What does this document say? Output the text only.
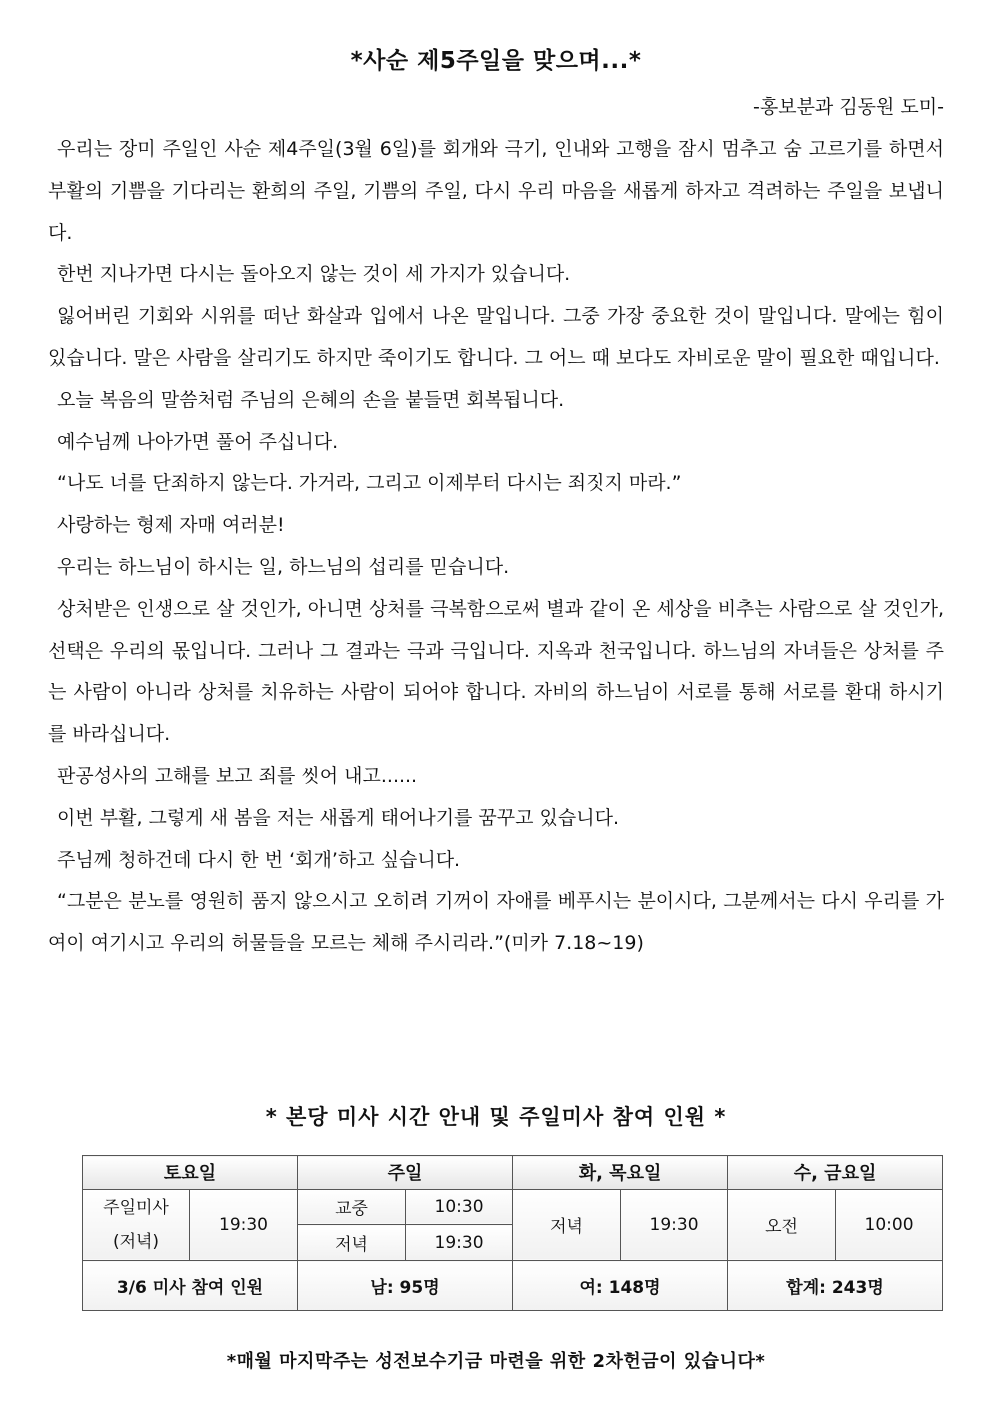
*사순 제5주일을 맞으며...*
-홍보분과 김동원 도미-

우리는 장미 주일인 사순 제4주일(3월 6일)를 회개와 극기, 인내와 고행을 잠시 멈추고 숨 고르기를 하면서 부활의 기쁨을 기다리는 환희의 주일, 기쁨의 주일, 다시 우리 마음을 새롭게 하자고 격려하는 주일을 보냅니다.

한번 지나가면 다시는 돌아오지 않는 것이 세 가지가 있습니다.

잃어버린 기회와 시위를 떠난 화살과 입에서 나온 말입니다. 그중 가장 중요한 것이 말입니다. 말에는 힘이 있습니다. 말은 사람을 살리기도 하지만 죽이기도 합니다. 그 어느 때 보다도 자비로운 말이 필요한 때입니다.

오늘 복음의 말씀처럼 주님의 은혜의 손을 붙들면 회복됩니다.

예수님께 나아가면 풀어 주십니다.

“나도 너를 단죄하지 않는다. 가거라, 그리고 이제부터 다시는 죄짓지 마라.”

사랑하는 형제 자매 여러분!

우리는 하느님이 하시는 일, 하느님의 섭리를 믿습니다.

상처받은 인생으로 살 것인가, 아니면 상처를 극복함으로써 별과 같이 온 세상을 비추는 사람으로 살 것인가, 선택은 우리의 몫입니다. 그러나 그 결과는 극과 극입니다. 지옥과 천국입니다. 하느님의 자녀들은 상처를 주는 사람이 아니라 상처를 치유하는 사람이 되어야 합니다. 자비의 하느님이 서로를 통해 서로를 환대 하시기를 바라십니다.

판공성사의 고해를 보고 죄를 씻어 내고......

이번 부활, 그렇게 새 봄을 저는 새롭게 태어나기를 꿈꾸고 있습니다.

주님께 청하건데 다시 한 번 ‘회개’하고 싶습니다.

“그분은 분노를 영원히 품지 않으시고 오히려 기꺼이 자애를 베푸시는 분이시다, 그분께서는 다시 우리를 가여이 여기시고 우리의 허물들을 모르는 체해 주시리라.”(미카 7.18~19)

* 본당 미사 시간 안내 및 주일미사 참여 인원 *
토요일		주일		화, 목요일		수, 금요일	

주일미사
(저녁)	19:30	교중	10:30	저녁	19:30	오전	10:00
		저녁	19:30				
3/6 미사 참여 인원		남: 95명		여: 148명		합계: 243명	
*매월 마지막주는 성전보수기금 마련을 위한 2차헌금이 있습니다*
